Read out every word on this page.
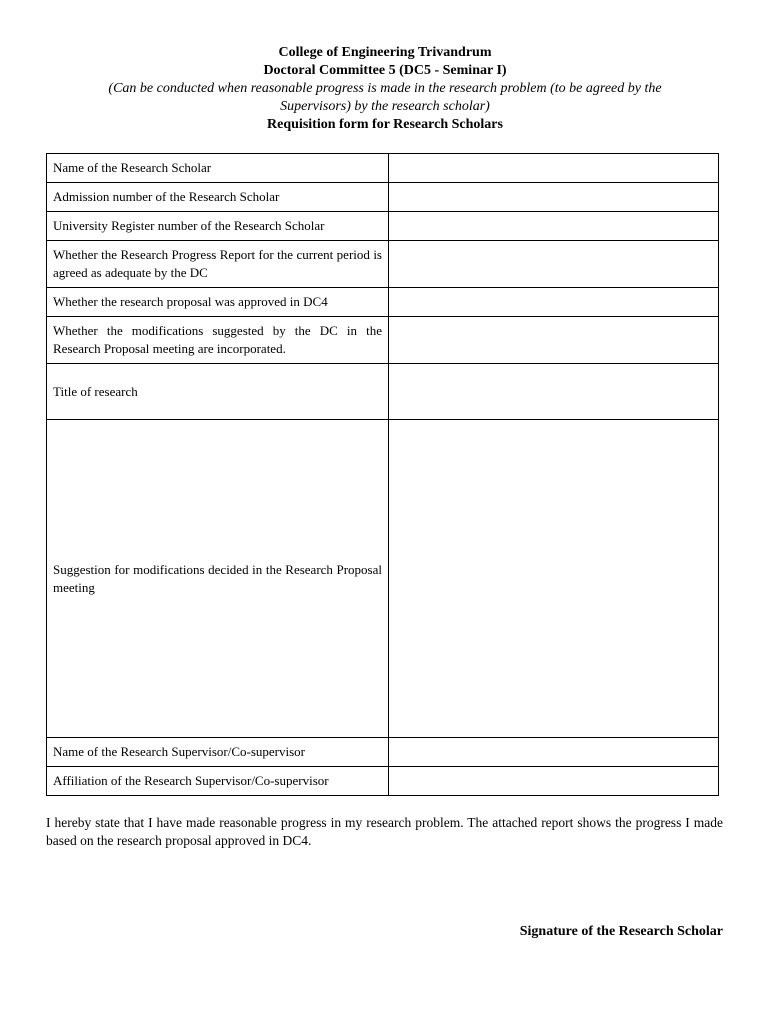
College of Engineering Trivandrum
Doctoral Committee 5 (DC5 - Seminar I)
(Can be conducted when reasonable progress is made in the research problem (to be agreed by the
Supervisors) by the research scholar)
Requisition form for Research Scholars
Name of the Research Scholar	
Admission number of the Research Scholar	
University Register number of the Research Scholar	
Whether the Research Progress Report for the current period is agreed as adequate by the DC	
Whether the research proposal was approved in DC4	
Whether the modifications suggested by the DC in the Research Proposal meeting are incorporated.	
Title of research	
Suggestion for modifications decided in the Research Proposal meeting	
Name of the Research Supervisor/Co-supervisor	
Affiliation of the Research Supervisor/Co-supervisor	
I hereby state that I have made reasonable progress in my research problem. The attached report shows the progress I made based on the research proposal approved in DC4.
Signature of the Research Scholar
